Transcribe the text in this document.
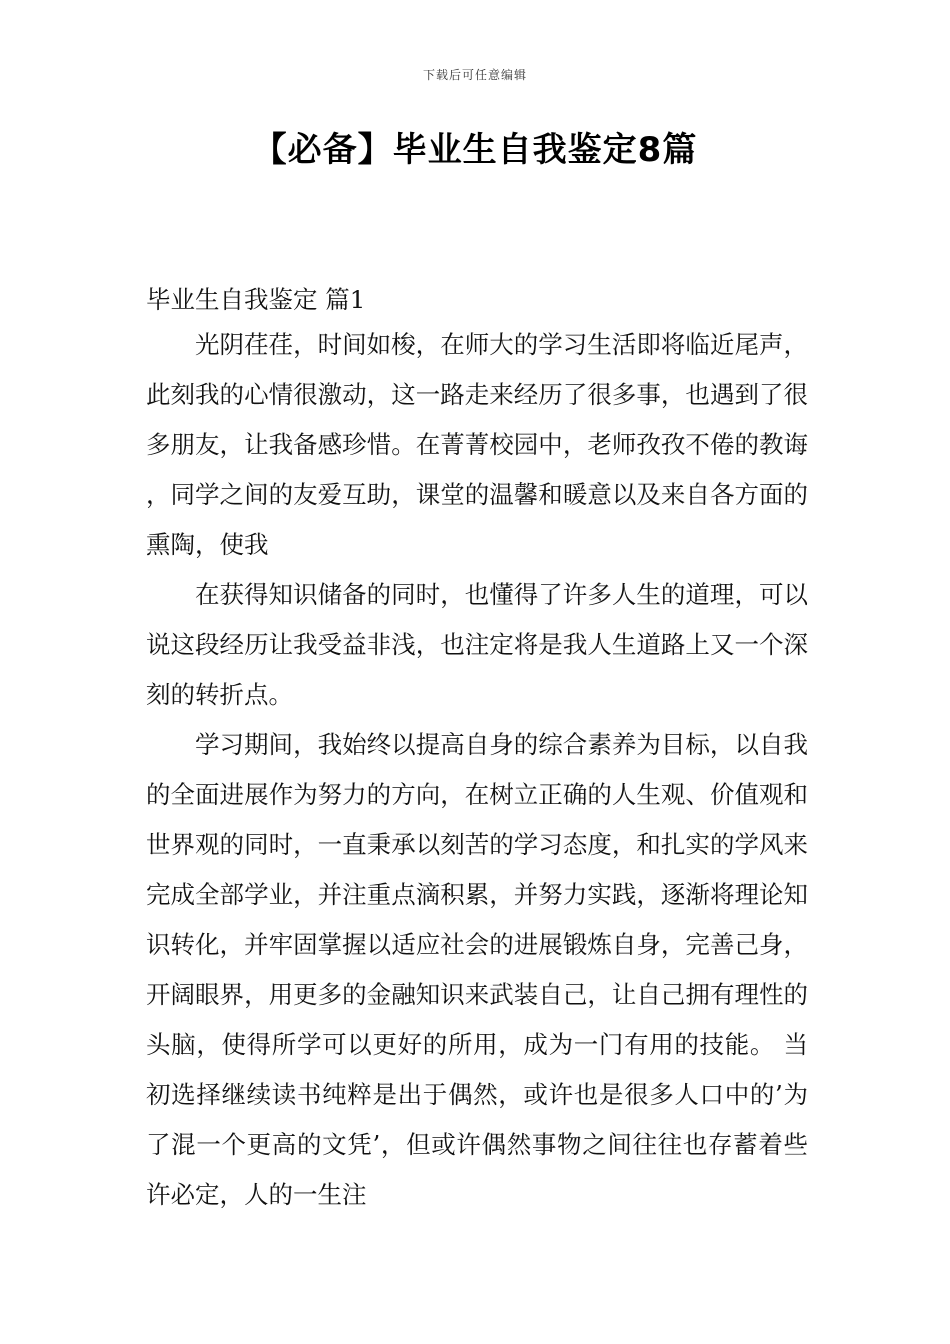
下载后可任意编辑
【必备】毕业生自我鉴定8篇
毕业生自我鉴定 篇1

光阴荏荏，时间如梭，在师大的学习生活即将临近尾声，此刻我的心情很激动，这一路走来经历了很多事，也遇到了很多朋友，让我备感珍惜。在菁菁校园中，老师孜孜不倦的教诲，同学之间的友爱互助，课堂的温馨和暖意以及来自各方面的熏陶，使我

在获得知识储备的同时，也懂得了许多人生的道理，可以说这段经历让我受益非浅，也注定将是我人生道路上又一个深刻的转折点。

学习期间，我始终以提高自身的综合素养为目标，以自我的全面进展作为努力的方向，在树立正确的人生观、价值观和世界观的同时，一直秉承以刻苦的学习态度，和扎实的学风来完成全部学业，并注重点滴积累，并努力实践，逐渐将理论知识转化，并牢固掌握以适应社会的进展锻炼自身，完善己身，开阔眼界，用更多的金融知识来武装自己，让自己拥有理性的头脑，使得所学可以更好的所用，成为一门有用的技能。 当初选择继续读书纯粹是出于偶然，或许也是很多人口中的’为了混一个更高的文凭’，但或许偶然事物之间往往也存蓄着些许必定，人的一生注
